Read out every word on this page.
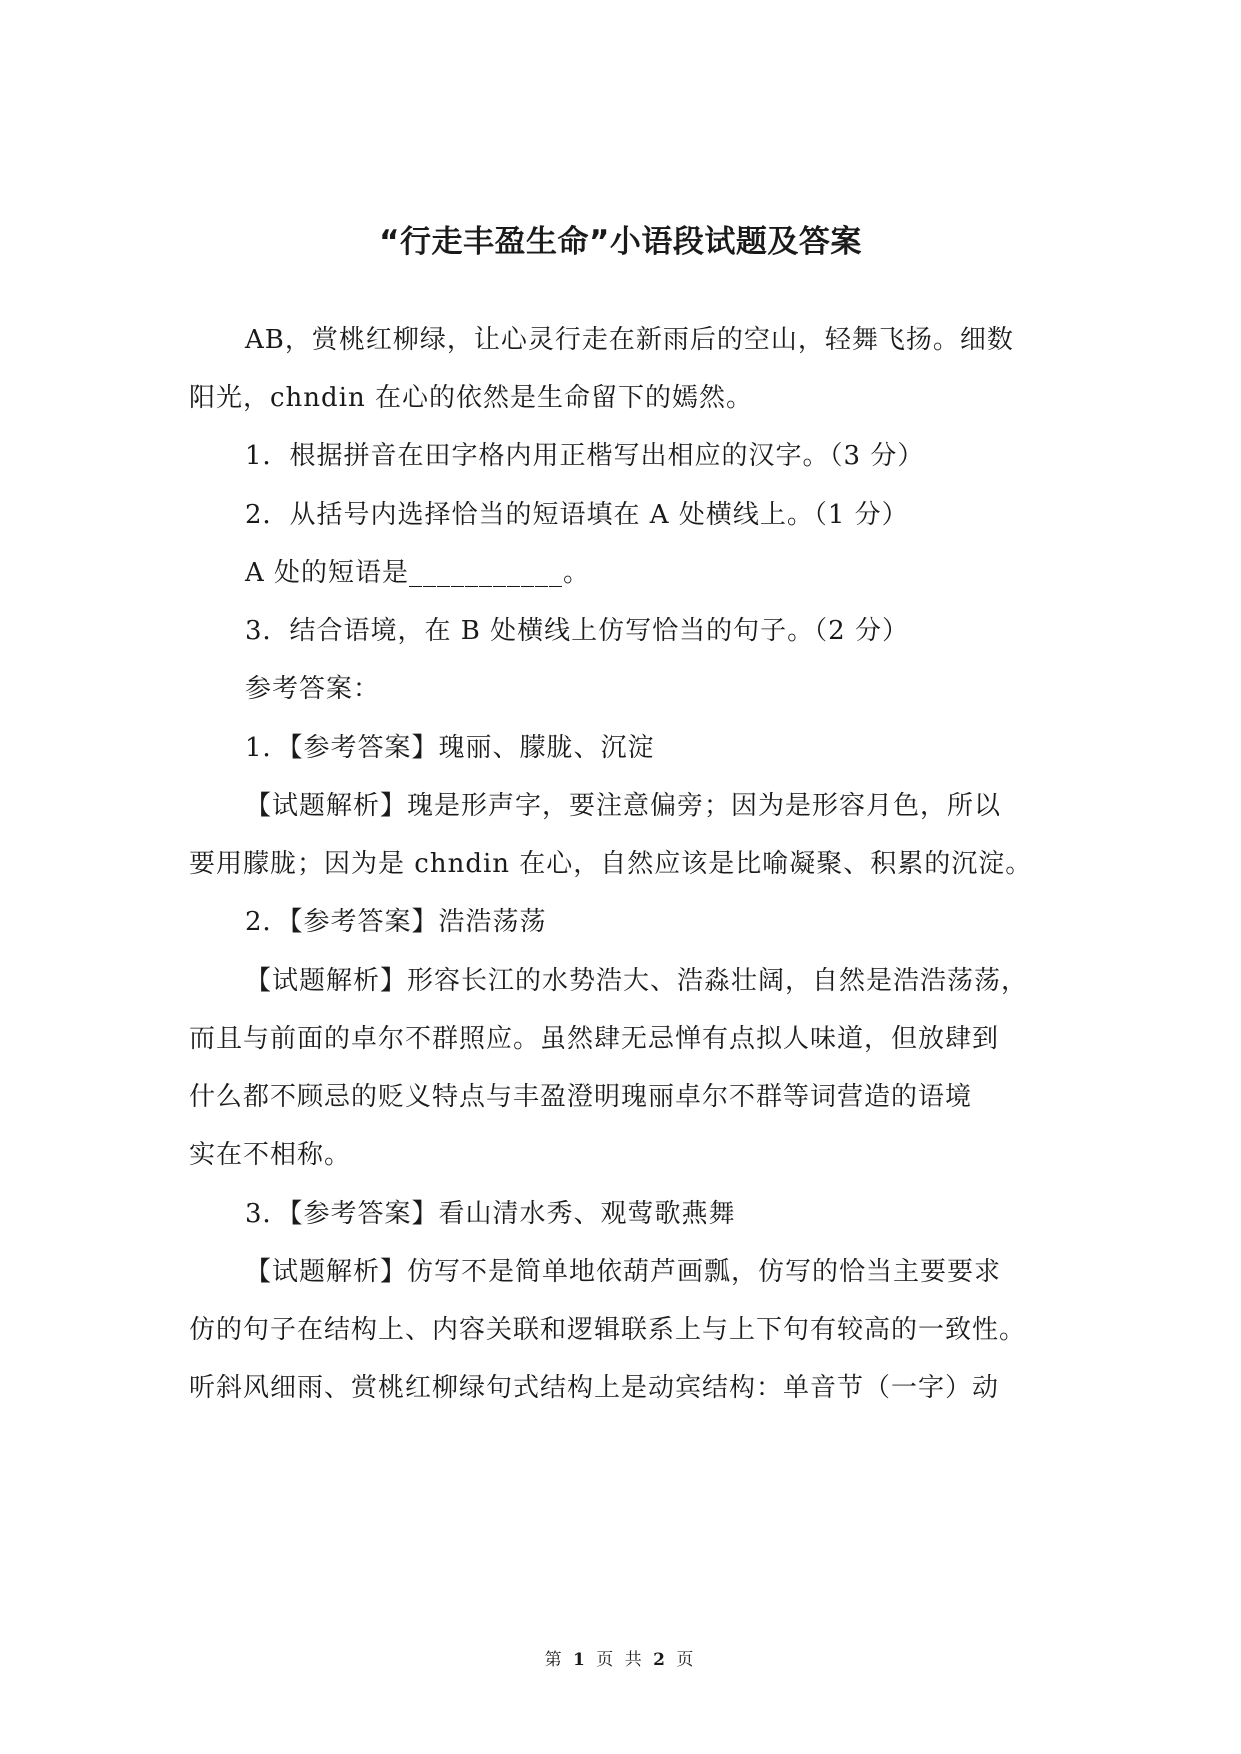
“行走丰盈生命”小语段试题及答案
AB，赏桃红柳绿，让心灵行走在新雨后的空山，轻舞飞扬。细数
阳光，chndin 在心的依然是生命留下的嫣然。
1．根据拼音在田字格内用正楷写出相应的汉字。（3 分）
2．从括号内选择恰当的短语填在 A 处横线上。（1 分）
A 处的短语是___________。
3．结合语境，在 B 处横线上仿写恰当的句子。（2 分）
参考答案：
1．【参考答案】瑰丽、朦胧、沉淀
【试题解析】瑰是形声字，要注意偏旁；因为是形容月色，所以
要用朦胧；因为是 chndin 在心，自然应该是比喻凝聚、积累的沉淀。
2．【参考答案】浩浩荡荡
【试题解析】形容长江的水势浩大、浩淼壮阔，自然是浩浩荡荡，
而且与前面的卓尔不群照应。虽然肆无忌惮有点拟人味道，但放肆到
什么都不顾忌的贬义特点与丰盈澄明瑰丽卓尔不群等词营造的语境
实在不相称。
3．【参考答案】看山清水秀、观莺歌燕舞
【试题解析】仿写不是简单地依葫芦画瓢，仿写的恰当主要要求
仿的句子在结构上、内容关联和逻辑联系上与上下句有较高的一致性。
听斜风细雨、赏桃红柳绿句式结构上是动宾结构：单音节（一字）动
第 1 页 共 2 页
